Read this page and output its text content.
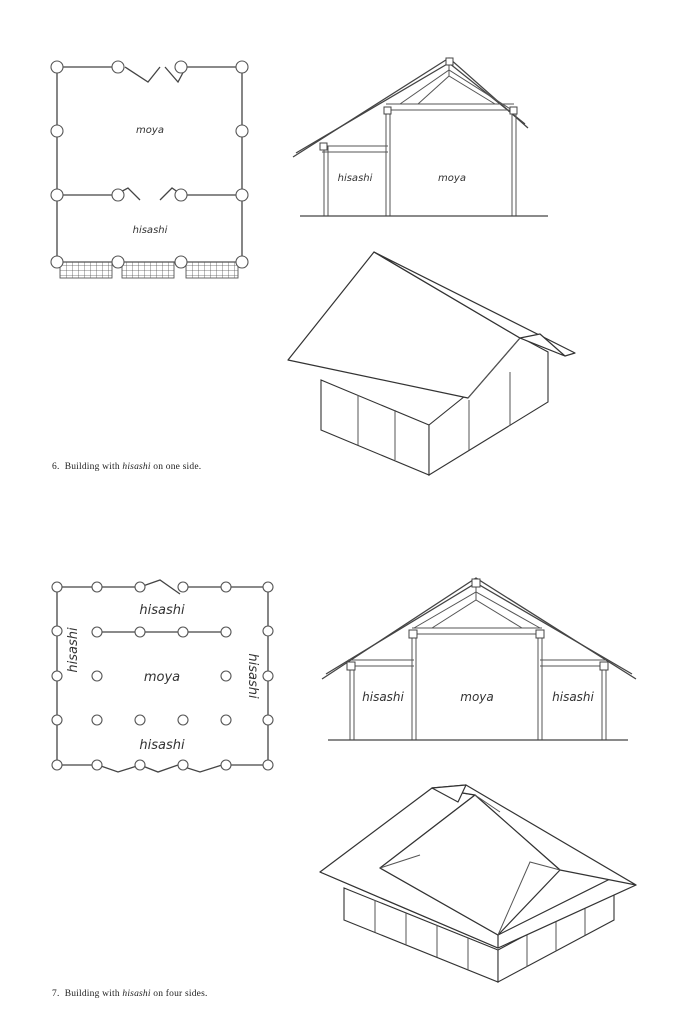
moya
hisashi
hisashi	moya
hisashi
moya
hisashi
hisashi
hisashi	hisashi	moya	hisashi
6. Building with hisashi on one side.
7. Building with hisashi on four sides.
